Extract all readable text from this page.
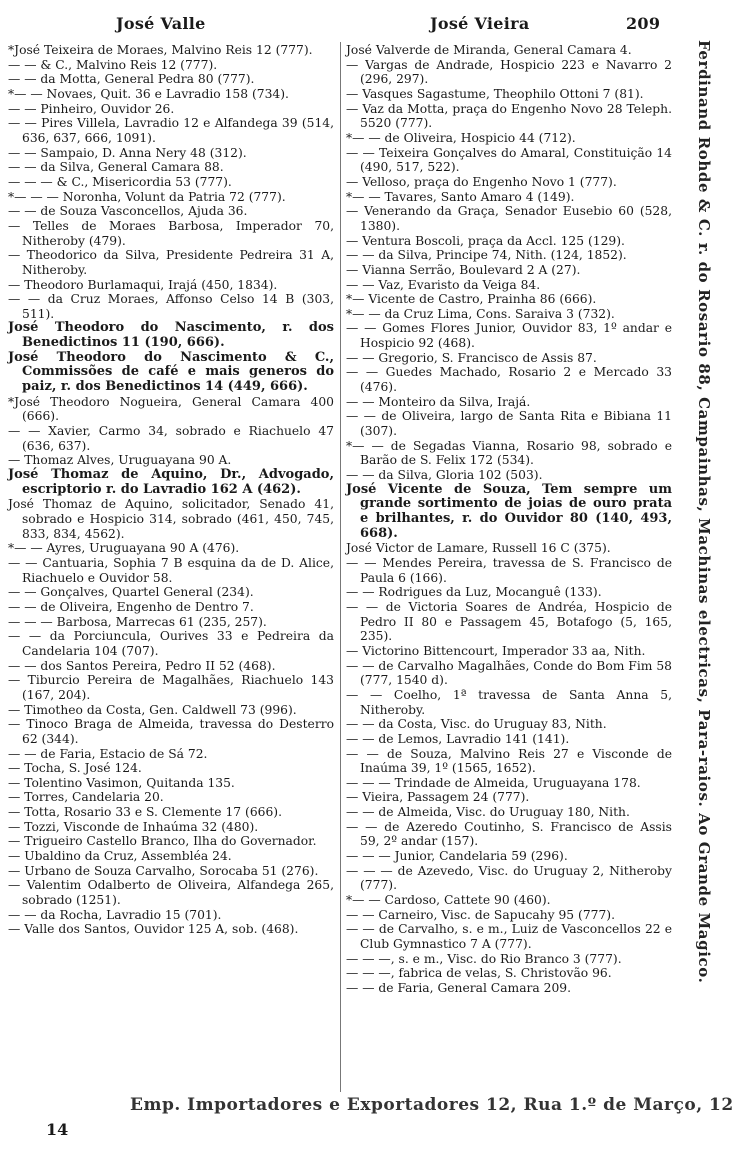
José Valle	José Vieira	209

*José Teixeira de Moraes, Malvino Reis 12 (777).

— — & C., Malvino Reis 12 (777).

— — da Motta, General Pedra 80 (777).

*— — Novaes, Quit. 36 e Lavradio 158 (734).

— — Pinheiro, Ouvidor 26.

— — Pires Villela, Lavradio 12 e Alfandega 39 (514, 636, 637, 666, 1091).

— — Sampaio, D. Anna Nery 48 (312).

— — da Silva, General Camara 88.

— — — & C., Misericordia 53 (777).

*— — — Noronha, Volunt da Patria 72 (777).

— — de Souza Vasconcellos, Ajuda 36.

— Telles de Moraes Barbosa, Imperador 70, Nitheroby (479).

— Theodorico da Silva, Presidente Pedreira 31 A, Nitheroby.

— Theodoro Burlamaqui, Irajá (450, 1834).

— — da Cruz Moraes, Affonso Celso 14 B (303, 511).

José Theodoro do Nascimento, r. dos Benedictinos 11 (190, 666).

José Theodoro do Nascimento & C., Commissões de café e mais generos do paiz, r. dos Benedictinos 14 (449, 666).

*José Theodoro Nogueira, General Camara 400 (666).

— — Xavier, Carmo 34, sobrado e Riachuelo 47 (636, 637).

— Thomaz Alves, Uruguayana 90 A.

José Thomaz de Aquino, Dr., Advogado, escriptorio r. do Lavradio 162 A (462).

José Thomaz de Aquino, solicitador, Senado 41, sobrado e Hospicio 314, sobrado (461, 450, 745, 833, 834, 4562).

*— — Ayres, Uruguayana 90 A (476).

— — Cantuaria, Sophia 7 B esquina da de D. Alice, Riachuelo e Ouvidor 58.

— — Gonçalves, Quartel General (234).

— — de Oliveira, Engenho de Dentro 7.

— — — Barbosa, Marrecas 61 (235, 257).

— — da Porciuncula, Ourives 33 e Pedreira da Candelaria 104 (707).

— — dos Santos Pereira, Pedro II 52 (468).

— Tiburcio Pereira de Magalhães, Riachuelo 143 (167, 204).

— Timotheo da Costa, Gen. Caldwell 73 (996).

— Tinoco Braga de Almeida, travessa do Desterro 62 (344).

— — de Faria, Estacio de Sá 72.

— Tocha, S. José 124.

— Tolentino Vasimon, Quitanda 135.

— Torres, Candelaria 20.

— Totta, Rosario 33 e S. Clemente 17 (666).

— Tozzi, Visconde de Inhaúma 32 (480).

— Trigueiro Castello Branco, Ilha do Governador.

— Ubaldino da Cruz, Assembléa 24.

— Urbano de Souza Carvalho, Sorocaba 51 (276).

— Valentim Odalberto de Oliveira, Alfandega 265, sobrado (1251).

— — da Rocha, Lavradio 15 (701).

— Valle dos Santos, Ouvidor 125 A, sob. (468).

José Valverde de Miranda, General Camara 4.

— Vargas de Andrade, Hospicio 223 e Navarro 2 (296, 297).

— Vasques Sagastume, Theophilo Ottoni 7 (81).

— Vaz da Motta, praça do Engenho Novo 28 Teleph. 5520 (777).

*— — de Oliveira, Hospicio 44 (712).

— — Teixeira Gonçalves do Amaral, Constituição 14 (490, 517, 522).

— Velloso, praça do Engenho Novo 1 (777).

*— — Tavares, Santo Amaro 4 (149).

— Venerando da Graça, Senador Eusebio 60 (528, 1380).

— Ventura Boscoli, praça da Accl. 125 (129).

— — da Silva, Principe 74, Nith. (124, 1852).

— Vianna Serrão, Boulevard 2 A (27).

— — Vaz, Evaristo da Veiga 84.

*— Vicente de Castro, Prainha 86 (666).

*— — da Cruz Lima, Cons. Saraiva 3 (732).

— — Gomes Flores Junior, Ouvidor 83, 1º andar e Hospicio 92 (468).

— — Gregorio, S. Francisco de Assis 87.

— — Guedes Machado, Rosario 2 e Mercado 33 (476).

— — Monteiro da Silva, Irajá.

— — de Oliveira, largo de Santa Rita e Bibiana 11 (307).

*— — de Segadas Vianna, Rosario 98, sobrado e Barão de S. Felix 172 (534).

— — da Silva, Gloria 102 (503).

José Vicente de Souza, Tem sempre um grande sortimento de joias de ouro prata e brilhantes, r. do Ouvidor 80 (140, 493, 668).

José Victor de Lamare, Russell 16 C (375).

— — Mendes Pereira, travessa de S. Francisco de Paula 6 (166).

— — Rodrigues da Luz, Mocanguê (133).

— — de Victoria Soares de Andréa, Hospicio de Pedro II 80 e Passagem 45, Botafogo (5, 165, 235).

— Victorino Bittencourt, Imperador 33 aa, Nith.

— — de Carvalho Magalhães, Conde do Bom Fim 58 (777, 1540 d).

— — Coelho, 1ª travessa de Santa Anna 5, Nitheroby.

— — da Costa, Visc. do Uruguay 83, Nith.

— — de Lemos, Lavradio 141 (141).

— — de Souza, Malvino Reis 27 e Visconde de Inaúma 39, 1º (1565, 1652).

— — — Trindade de Almeida, Uruguayana 178.

— Vieira, Passagem 24 (777).

— — de Almeida, Visc. do Uruguay 180, Nith.

— — de Azeredo Coutinho, S. Francisco de Assis 59, 2º andar (157).

— — — Junior, Candelaria 59 (296).

— — — de Azevedo, Visc. do Uruguay 2, Nitheroby (777).

*— — Cardoso, Cattete 90 (460).

— — Carneiro, Visc. de Sapucahy 95 (777).

— — de Carvalho, s. e m., Luiz de Vasconcellos 22 e Club Gymnastico 7 A (777).

— — —, s. e m., Visc. do Rio Branco 3 (777).

— — —, fabrica de velas, S. Christovão 96.

— — de Faria, General Camara 209.

Ferdinand Rohde & C. r. do Rosario 88, Campainhas, Machinas electricas, Para-raios. Ao Grande Magico.
Emp. Importadores e Exportadores 12, Rua 1.º de Março, 12
14
